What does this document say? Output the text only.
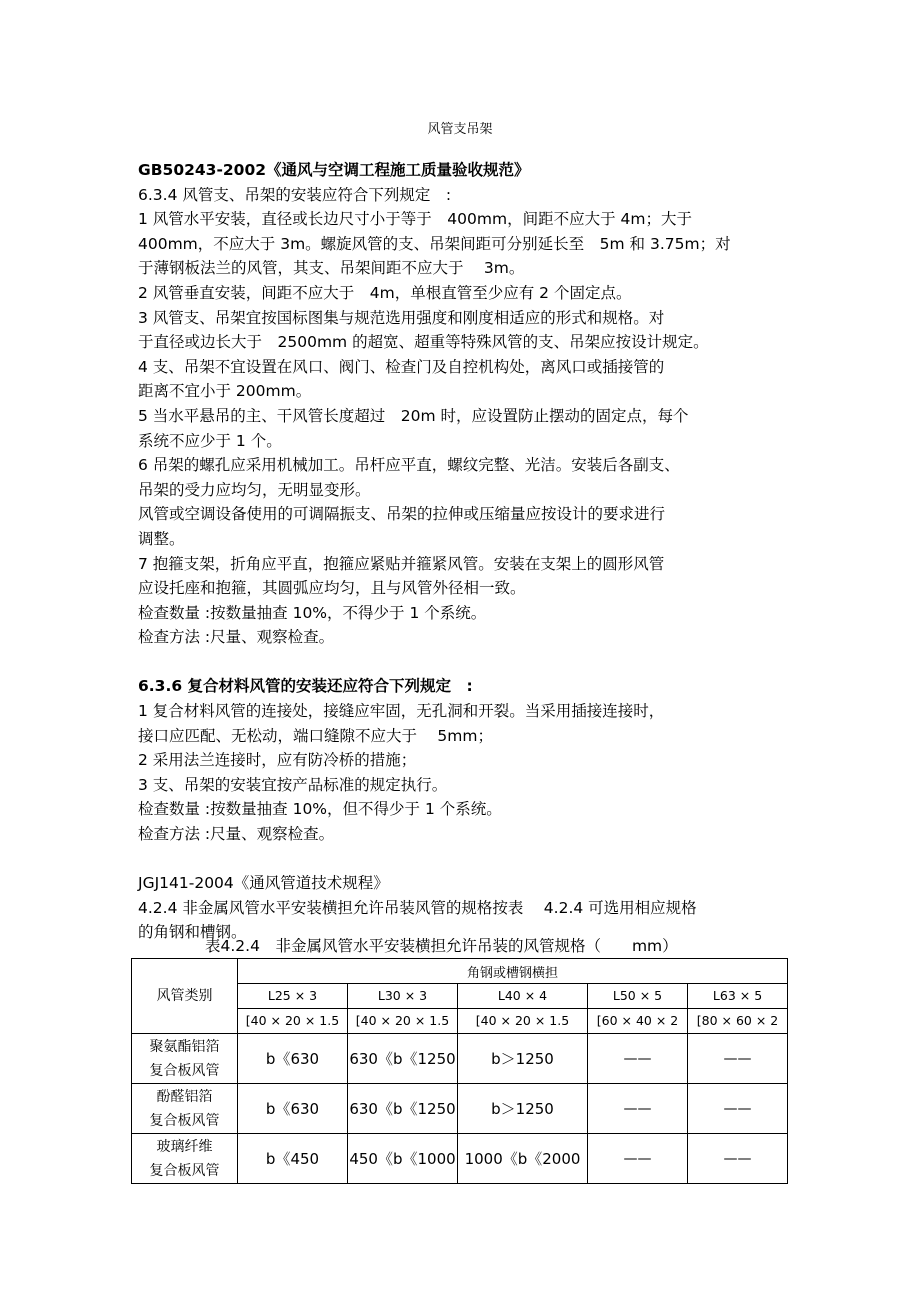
风管支吊架
GB50243-2002《通风与空调工程施工质量验收规范》
6.3.4 风管支、吊架的安装应符合下列规定　:
1 风管水平安装，直径或长边尺寸小于等于　400mm，间距不应大于 4m；大于
400mm，不应大于 3m。螺旋风管的支、吊架间距可分别延长至　5m 和 3.75m；对
于薄钢板法兰的风管，其支、吊架间距不应大于　 3m。
2 风管垂直安装，间距不应大于　4m，单根直管至少应有 2 个固定点。
3 风管支、吊架宜按国标图集与规范选用强度和刚度相适应的形式和规格。对
于直径或边长大于　2500mm 的超宽、超重等特殊风管的支、吊架应按设计规定。
4 支、吊架不宜设置在风口、阀门、检查门及自控机构处，离风口或插接管的
距离不宜小于 200mm。
5 当水平悬吊的主、干风管长度超过　20m 时，应设置防止摆动的固定点，每个
系统不应少于 1 个。
6 吊架的螺孔应采用机械加工。吊杆应平直，螺纹完整、光洁。安装后各副支、
吊架的受力应均匀，无明显变形。
风管或空调设备使用的可调隔振支、吊架的拉伸或压缩量应按设计的要求进行
调整。
7 抱箍支架，折角应平直，抱箍应紧贴并箍紧风管。安装在支架上的圆形风管
应设托座和抱箍，其圆弧应均匀，且与风管外径相一致。
检查数量 :按数量抽查 10%，不得少于 1 个系统。
检查方法 :尺量、观察检查。
6.3.6 复合材料风管的安装还应符合下列规定　:
1 复合材料风管的连接处，接缝应牢固，无孔洞和开裂。当采用插接连接时，
接口应匹配、无松动，端口缝隙不应大于　 5mm；
2 采用法兰连接时，应有防冷桥的措施；
3 支、吊架的安装宜按产品标准的规定执行。
检查数量 :按数量抽查 10%，但不得少于 1 个系统。
检查方法 :尺量、观察检查。
JGJ141-2004《通风管道技术规程》
4.2.4 非金属风管水平安装横担允许吊装风管的规格按表　 4.2.4 可选用相应规格
的角钢和槽钢。
表4.2.4　非金属风管水平安装横担允许吊装的风管规格（　　mm）
风管类别	角钢或槽钢横担				
	L25 × 3	L30 × 3	L40 × 4	L50 × 5	L63 × 5
	[40 × 20 × 1.5	[40 × 20 × 1.5	[40 × 20 × 1.5	[60 × 40 × 2	[80 × 60 × 2

聚氨酯铝箔
复合板风管	b《630	630《b《1250	b＞1250	——	——

酚醛铝箔
复合板风管	b《630	630《b《1250	b＞1250	——	——

玻璃纤维
复合板风管	b《450	450《b《1000	1000《b《2000	——	——
